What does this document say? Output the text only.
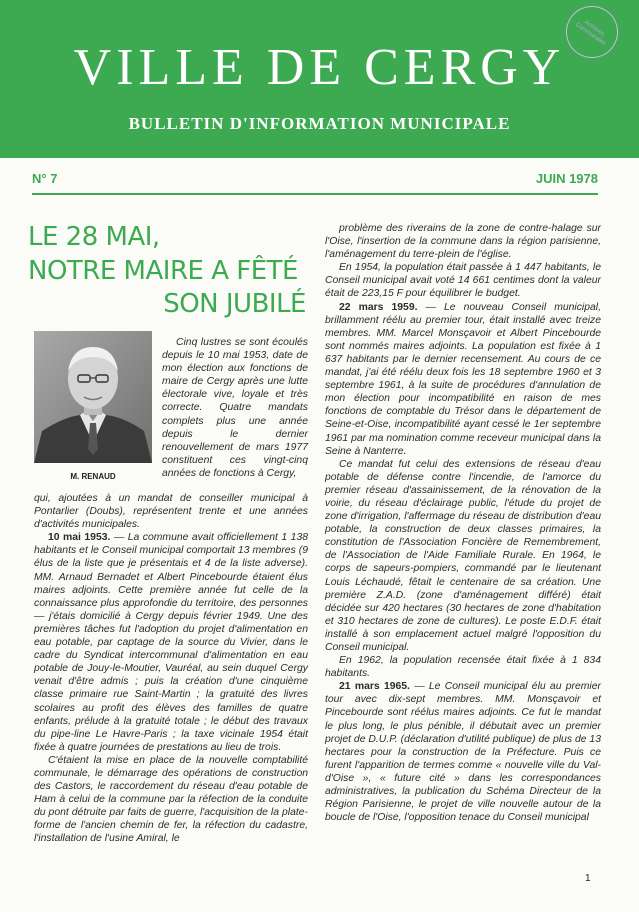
VILLE DE CERGY
BULLETIN D'INFORMATION MUNICIPALE
Archives Communales
N° 7	JUIN 1978
LE 28 MAI,
NOTRE MAIRE A FÊTÉ
SON JUBILÉ
M. RENAUD

Cinq lustres se sont écoulés depuis le 10 mai 1953, date de mon élection aux fonctions de maire de Cergy après une lutte électorale vive, loyale et très correcte. Quatre mandats complets plus une année depuis le dernier renouvellement de mars 1977 constituent ces vingt-cinq années de fonctions à Cergy,

qui, ajoutées à un mandat de conseiller municipal à Pontarlier (Doubs), représentent trente et une années d'activités municipales.

10 mai 1953. — La commune avait officiellement 1 138 habitants et le Conseil municipal comportait 13 membres (9 élus de la liste que je présentais et 4 de la liste adverse). MM. Arnaud Bernadet et Albert Pincebourde étaient élus maires adjoints. Cette première année fut celle de la connaissance plus approfondie du territoire, des personnes — j'étais domicilié à Cergy depuis février 1949. Une des premières tâches fut l'adoption du projet d'alimentation en eau potable, par captage de la source du Vivier, dans le cadre du Syndicat intercommunal d'alimentation en eau potable de Jouy-le-Moutier, Vauréal, au sein duquel Cergy venait d'être admis ; puis la création d'une cinquième classe primaire rue Saint-Martin ; la gratuité des livres scolaires au profit des élèves des familles de quatre enfants, prélude à la gratuité totale ; le début des travaux du pipe-line Le Havre-Paris ; la taxe vicinale 1954 était fixée à quatre journées de prestations au lieu de trois.

C'étaient la mise en place de la nouvelle comptabilité communale, le démarrage des opérations de construction des Castors, le raccordement du réseau d'eau potable de Ham à celui de la commune par la réfection de la conduite du pont détruite par faits de guerre, l'acquisition de la plate-forme de l'ancien chemin de fer, la réfection du cadastre, l'installation de l'usine Amiral, le

problème des riverains de la zone de contre-halage sur l'Oise, l'insertion de la commune dans la région parisienne, l'aménagement du terre-plein de l'église.

En 1954, la population était passée à 1 447 habitants, le Conseil municipal avait voté 14 661 centimes dont la valeur était de 223,15 F pour équilibrer le budget.

22 mars 1959. — Le nouveau Conseil municipal, brillamment réélu au premier tour, était installé avec treize membres. MM. Marcel Monsçavoir et Albert Pincebourde sont nommés maires adjoints. La population est fixée à 1 637 habitants par le dernier recensement. Au cours de ce mandat, j'ai été réélu deux fois les 18 septembre 1960 et 3 septembre 1961, à la suite de procédures d'annulation de mon élection pour incompatibilité en raison de mes fonctions de comptable du Trésor dans le département de Seine-et-Oise, incompatibilité ayant cessé le 1er septembre 1961 par ma nomination comme receveur municipal dans la Seine à Nanterre.

Ce mandat fut celui des extensions de réseau d'eau potable de défense contre l'incendie, de l'amorce du premier réseau d'assainissement, de la rénovation de la voirie, du réseau d'éclairage public, l'étude du projet de zone d'irrigation, l'affermage du réseau de distribution d'eau potable, la construction de deux classes primaires, la constitution de l'Association Foncière de Remembrement, de l'Association de l'Aide Familiale Rurale. En 1964, le corps de sapeurs-pompiers, commandé par le lieutenant Louis Léchaudé, fêtait le centenaire de sa création. Une première Z.A.D. (zone d'aménagement différé) était décidée sur 420 hectares (30 hectares de zone d'habitation et 310 hectares de zone de cultures). Le poste E.D.F. était installé à son emplacement actuel malgré l'opposition du Conseil municipal.

En 1962, la population recensée était fixée à 1 834 habitants.

21 mars 1965. — Le Conseil municipal élu au premier tour avec dix-sept membres. MM. Monsçavoir et Pincebourde sont réélus maires adjoints. Ce fut le mandat le plus long, le plus pénible, il débutait avec un premier projet de D.U.P. (déclaration d'utilité publique) de plus de 13 hectares pour la construction de la Préfecture. Puis ce furent l'apparition de termes comme « nouvelle ville du Val-d'Oise », « future cité » dans les correspondances administratives, la publication du Schéma Directeur de la Région Parisienne, le projet de ville nouvelle autour de la boucle de l'Oise, l'opposition tenace du Conseil municipal

1
